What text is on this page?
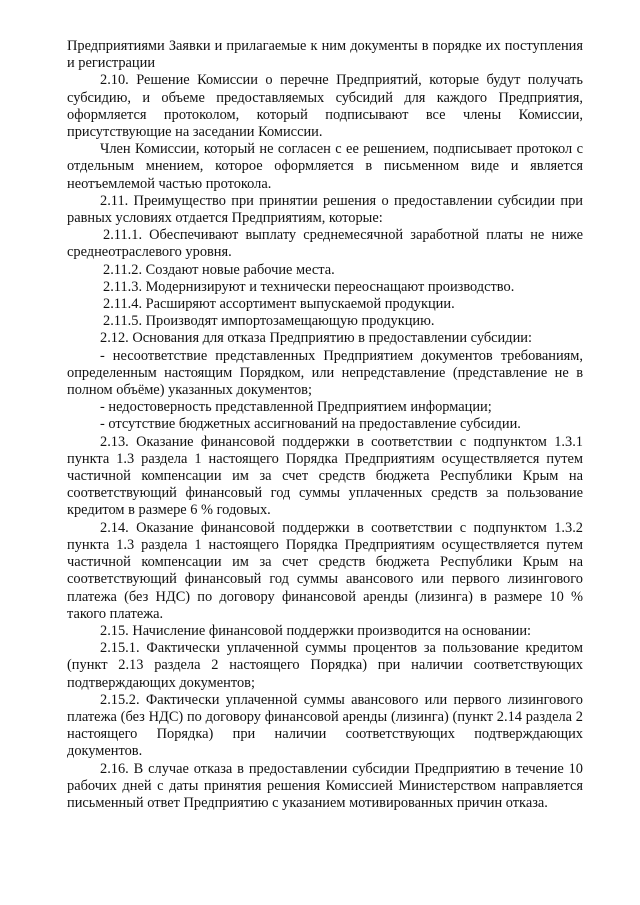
Предприятиями Заявки и прилагаемые к ним документы в порядке их поступления и регистрации

2.10. Решение Комиссии о перечне Предприятий, которые будут получать субсидию, и объеме предоставляемых субсидий для каждого Предприятия, оформляется протоколом, который подписывают все члены Комиссии, присутствующие на заседании Комиссии.

Член Комиссии, который не согласен с ее решением, подписывает протокол с отдельным мнением, которое оформляется в письменном виде и является неотъемлемой частью протокола.

2.11. Преимущество при принятии решения о предоставлении субсидии при равных условиях отдается Предприятиям, которые:

2.11.1. Обеспечивают выплату среднемесячной заработной платы не ниже среднеотраслевого уровня.

2.11.2. Создают новые рабочие места.

2.11.3. Модернизируют и технически переоснащают производство.

2.11.4. Расширяют ассортимент выпускаемой продукции.

2.11.5. Производят импортозамещающую продукцию.

2.12. Основания для отказа Предприятию в предоставлении субсидии:

- несоответствие представленных Предприятием документов требованиям, определенным настоящим Порядком, или непредставление (представление не в полном объёме) указанных документов;

- недостоверность представленной Предприятием информации;

- отсутствие бюджетных ассигнований на предоставление субсидии.

2.13. Оказание финансовой поддержки в соответствии с подпунктом 1.3.1 пункта 1.3 раздела 1 настоящего Порядка Предприятиям осуществляется путем частичной компенсации им за счет средств бюджета Республики Крым на соответствующий финансовый год суммы уплаченных средств за пользование кредитом в размере 6 % годовых.

2.14. Оказание финансовой поддержки в соответствии с подпунктом 1.3.2 пункта 1.3 раздела 1 настоящего Порядка Предприятиям осуществляется путем частичной компенсации им за счет средств бюджета Республики Крым на соответствующий финансовый год суммы авансового или первого лизингового платежа (без НДС) по договору финансовой аренды (лизинга) в размере 10 % такого платежа.

2.15. Начисление финансовой поддержки производится на основании:

2.15.1. Фактически уплаченной суммы процентов за пользование кредитом (пункт 2.13 раздела 2 настоящего Порядка) при наличии соответствующих подтверждающих документов;

2.15.2. Фактически уплаченной суммы авансового или первого лизингового платежа (без НДС) по договору финансовой аренды (лизинга) (пункт 2.14 раздела 2 настоящего Порядка) при наличии соответствующих подтверждающих документов.

2.16. В случае отказа в предоставлении субсидии Предприятию в течение 10 рабочих дней с даты принятия решения Комиссией Министерством направляется письменный ответ Предприятию с указанием мотивированных причин отказа.
